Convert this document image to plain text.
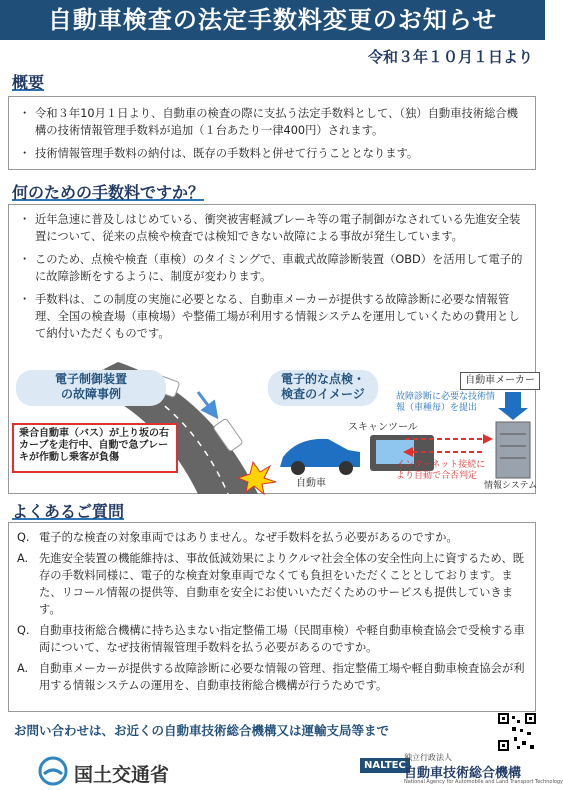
自動車検査の法定手数料変更のお知らせ
令和３年１０月１日より
概要
・ 令和３年10月１日より、自動車の検査の際に支払う法定手数料として、（独）自動車技術総合機構の技術情報管理手数料が追加（１台あたり一律400円）されます。
・ 技術情報管理手数料の納付は、既存の手数料と併せて行うこととなります。
何のための手数料ですか？
・ 近年急速に普及しはじめている、衝突被害軽減ブレーキ等の電子制御がなされている先進安全装置について、従来の点検や検査では検知できない故障による事故が発生しています。
・ このため、点検や検査（車検）のタイミングで、車載式故障診断装置（OBD）を活用して電子的に故障診断をするように、制度が変わります。
・ 手数料は、この制度の実施に必要となる、自動車メーカーが提供する故障診断に必要な情報管理、全国の検査場（車検場）や整備工場が利用する情報システムを運用していくための費用として納付いただくものです。
電子制御装置
の故障事例
乗合自動車（バス）が上り坂の右カーブを走行中、自動で急ブレーキが作動し乗客が負傷
電子的な点検・
検査のイメージ
自動車メーカー
故障診断に必要な技術情報（車種毎）を提出
スキャンツール
自動車
インターネット接続により自動で合否判定
情報システム
よくあるご質問
Q. 電子的な検査の対象車両ではありません。なぜ手数料を払う必要があるのですか。
A. 先進安全装置の機能維持は、事故低減効果によりクルマ社会全体の安全性向上に資するため、既存の手数料同様に、電子的な検査対象車両でなくても負担をいただくこととしております。また、リコール情報の提供等、自動車を安全にお使いいただくためのサービスも提供していきます。
Q. 自動車技術総合機構に持ち込まない指定整備工場（民間車検）や軽自動車検査協会で受検する車両について、なぜ技術情報管理手数料を払う必要があるのですか。
A. 自動車メーカーが提供する故障診断に必要な情報の管理、指定整備工場や軽自動車検査協会が利用する情報システムの運用を、自動車技術総合機構が行うためです。
お問い合わせは、お近くの自動車技術総合機構又は運輸支局等まで
国土交通省	NALTEC
独立行政法人
自動車技術総合機構
National Agency for Automobile and Land Transport Technology
